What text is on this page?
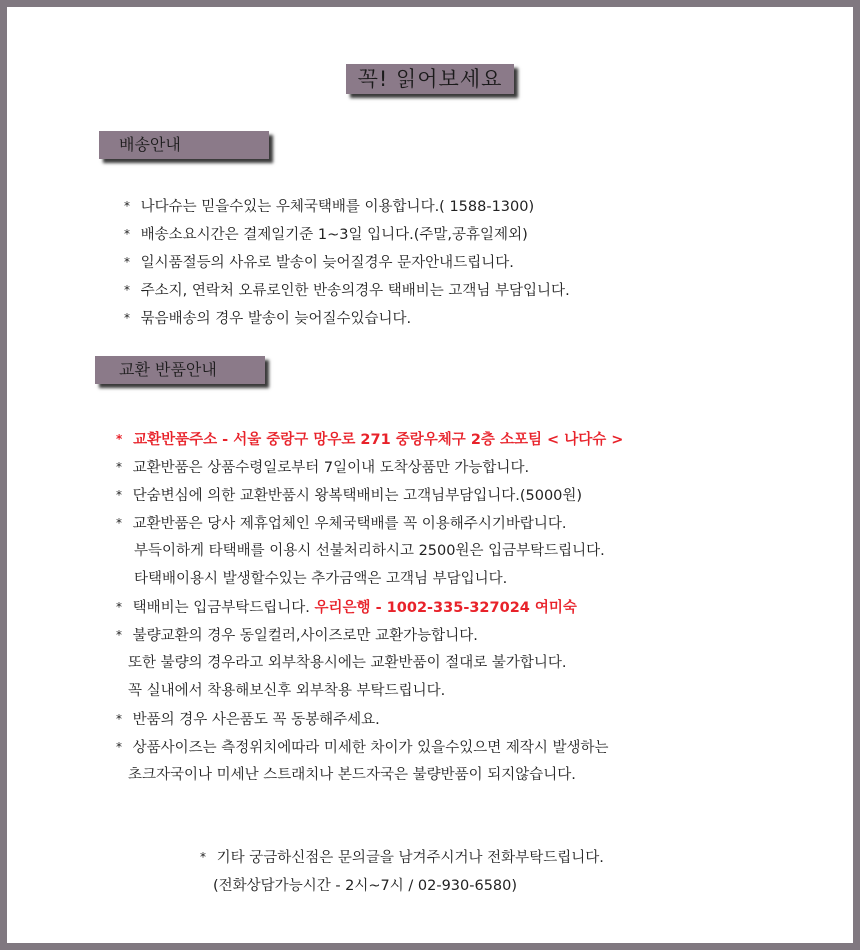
꼭! 읽어보세요
배송안내
* 나다슈는 믿을수있는 우체국택배를 이용합니다.( 1588-1300)
* 배송소요시간은 결제일기준 1~3일 입니다.(주말,공휴일제외)
* 일시품절등의 사유로 발송이 늦어질경우 문자안내드립니다.
* 주소지, 연락처 오류로인한 반송의경우 택배비는 고객님 부담입니다.
* 묶음배송의 경우 발송이 늦어질수있습니다.
교환 반품안내
* 교환반품주소 - 서울 중랑구 망우로 271 중랑우체구 2층 소포팀 < 나다슈 >
* 교환반품은 상품수령일로부터 7일이내 도착상품만 가능합니다.
* 단숨변심에 의한 교환반품시 왕복택배비는 고객님부담입니다.(5000원)
* 교환반품은 당사 제휴업체인 우체국택배를 꼭 이용해주시기바랍니다.
부득이하게 타택배를 이용시 선불처리하시고 2500원은 입금부탁드립니다.
타택배이용시 발생할수있는 추가금액은 고객님 부담입니다.
* 택배비는 입금부탁드립니다. 우리은행 - 1002-335-327024 여미숙
* 불량교환의 경우 동일컬러,사이즈로만 교환가능합니다.
또한 불량의 경우라고 외부착용시에는 교환반품이 절대로 불가합니다.
꼭 실내에서 착용해보신후 외부착용 부탁드립니다.
* 반품의 경우 사은품도 꼭 동봉해주세요.
* 상품사이즈는 측정위치에따라 미세한 차이가 있을수있으면 제작시 발생하는
초크자국이나 미세난 스트래치나 본드자국은 불량반품이 되지않습니다.
* 기타 궁금하신점은 문의글을 남겨주시거나 전화부탁드립니다.
(전화상담가능시간 - 2시~7시 / 02-930-6580)
